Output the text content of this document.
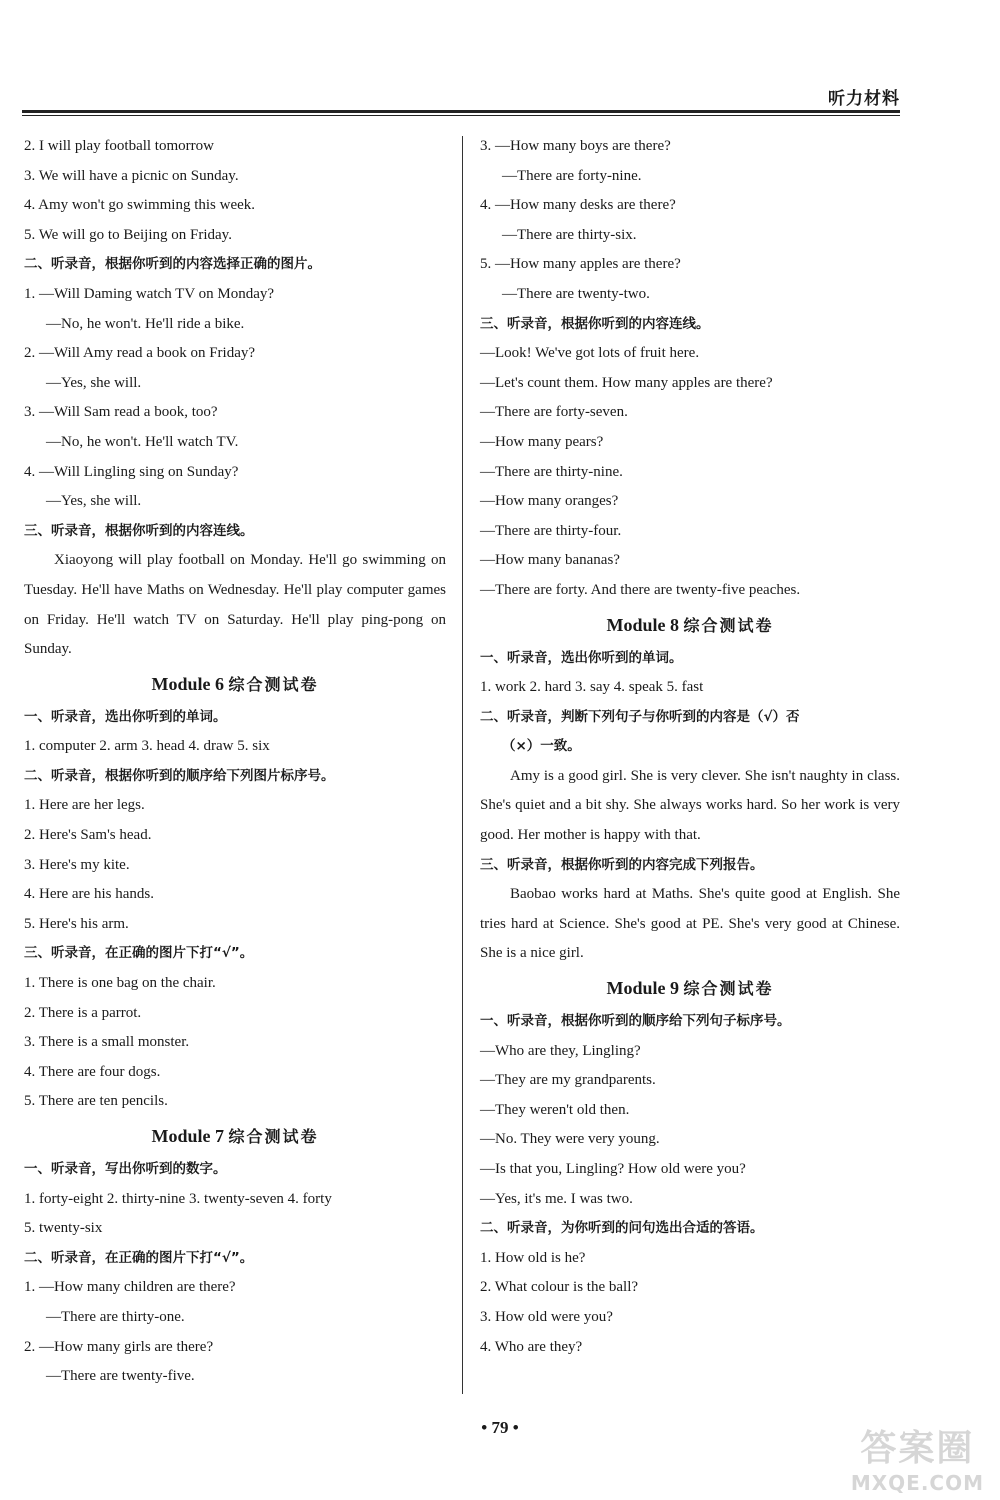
听力材料
2. I will play football tomorrow
3. We will have a picnic on Sunday.
4. Amy won't go swimming this week.
5. We will go to Beijing on Friday.
二、听录音，根据你听到的内容选择正确的图片。
1. —Will Daming watch TV on Monday?
—No, he won't. He'll ride a bike.
2. —Will Amy read a book on Friday?
—Yes, she will.
3. —Will Sam read a book, too?
—No, he won't. He'll watch TV.
4. —Will Lingling sing on Sunday?
—Yes, she will.
三、听录音，根据你听到的内容连线。
Xiaoyong will play football on Monday. He'll go swimming on Tuesday. He'll have Maths on Wednesday. He'll play computer games on Friday. He'll watch TV on Saturday. He'll play ping-pong on Sunday.
Module 6 综合测试卷
一、听录音，选出你听到的单词。
1. computer 2. arm 3. head 4. draw 5. six
二、听录音，根据你听到的顺序给下列图片标序号。
1. Here are her legs.
2. Here's Sam's head.
3. Here's my kite.
4. Here are his hands.
5. Here's his arm.
三、听录音，在正确的图片下打“√”。
1. There is one bag on the chair.
2. There is a parrot.
3. There is a small monster.
4. There are four dogs.
5. There are ten pencils.
Module 7 综合测试卷
一、听录音，写出你听到的数字。
1. forty-eight 2. thirty-nine 3. twenty-seven 4. forty
5. twenty-six
二、听录音，在正确的图片下打“√”。
1. —How many children are there?
—There are thirty-one.
2. —How many girls are there?
—There are twenty-five.
3. —How many boys are there?
—There are forty-nine.
4. —How many desks are there?
—There are thirty-six.
5. —How many apples are there?
—There are twenty-two.
三、听录音，根据你听到的内容连线。
—Look! We've got lots of fruit here.
—Let's count them. How many apples are there?
—There are forty-seven.
—How many pears?
—There are thirty-nine.
—How many oranges?
—There are thirty-four.
—How many bananas?
—There are forty. And there are twenty-five peaches.
Module 8 综合测试卷
一、听录音，选出你听到的单词。
1. work 2. hard 3. say 4. speak 5. fast
二、听录音，判断下列句子与你听到的内容是（√）否
（×）一致。
Amy is a good girl. She is very clever. She isn't naughty in class. She's quiet and a bit shy. She always works hard. So her work is very good. Her mother is happy with that.
三、听录音，根据你听到的内容完成下列报告。
Baobao works hard at Maths. She's quite good at English. She tries hard at Science. She's good at PE. She's very good at Chinese. She is a nice girl.
Module 9 综合测试卷
一、听录音，根据你听到的顺序给下列句子标序号。
—Who are they, Lingling?
—They are my grandparents.
—They weren't old then.
—No. They were very young.
—Is that you, Lingling? How old were you?
—Yes, it's me. I was two.
二、听录音，为你听到的问句选出合适的答语。
1. How old is he?
2. What colour is the ball?
3. How old were you?
4. Who are they?
• 79 •
答案圈
MXQE.COM
